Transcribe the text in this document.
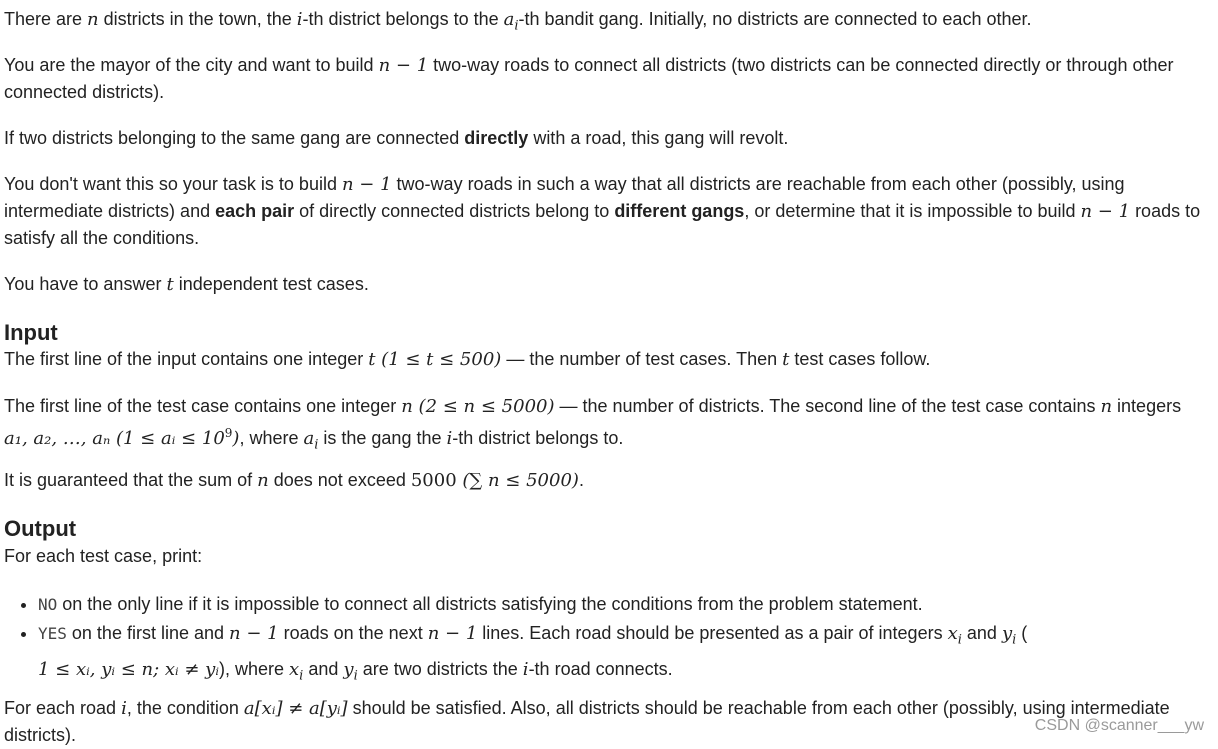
There are n districts in the town, the i-th district belongs to the $a_i-th$ bandit gang. Initially, no districts are connected to each other.

You are the mayor of the city and want to build n − 1 two-way roads to connect all districts (two districts can be connected directly or through other connected districts).

If two districts belonging to the same gang are connected directly with a road, this gang will revolt.

You don't want this so your task is to build n − 1 two-way roads in such a way that all districts are reachable from each other (possibly, using intermediate districts) and each pair of directly connected districts belong to different gangs, or determine that it is impossible to build n − 1 roads to satisfy all the conditions.

You have to answer t independent test cases.

Input

The first line of the input contains one integer t (1 ≤ t ≤ 500) — the number of test cases. Then t test cases follow.

The first line of the test case contains one integer n (2 ≤ n ≤ 5000) — the number of districts. The second line of the test case contains n integers a₁, a₂, …, aₙ (1 ≤ aᵢ ≤ $10^9$), where $a_i$ is the gang the i-th district belongs to.

It is guaranteed that the sum of n does not exceed 5000 (∑ n ≤ 5000).

Output

For each test case, print:

• NO on the only line if it is impossible to connect all districts satisfying the conditions from the problem statement.
• YES on the first line and n − 1 roads on the next n − 1 lines. Each road should be presented as a pair of integers $x_i$ and $y_i$ (
1 ≤ xᵢ, yᵢ ≤ n; xᵢ ≠ yᵢ), where $x_i$ and $y_i$ are two districts the i-th road connects.

For each road i, the condition a[xᵢ] ≠ a[yᵢ] should be satisfied. Also, all districts should be reachable from each other (possibly, using intermediate districts).	CSDN @scanner___yw
